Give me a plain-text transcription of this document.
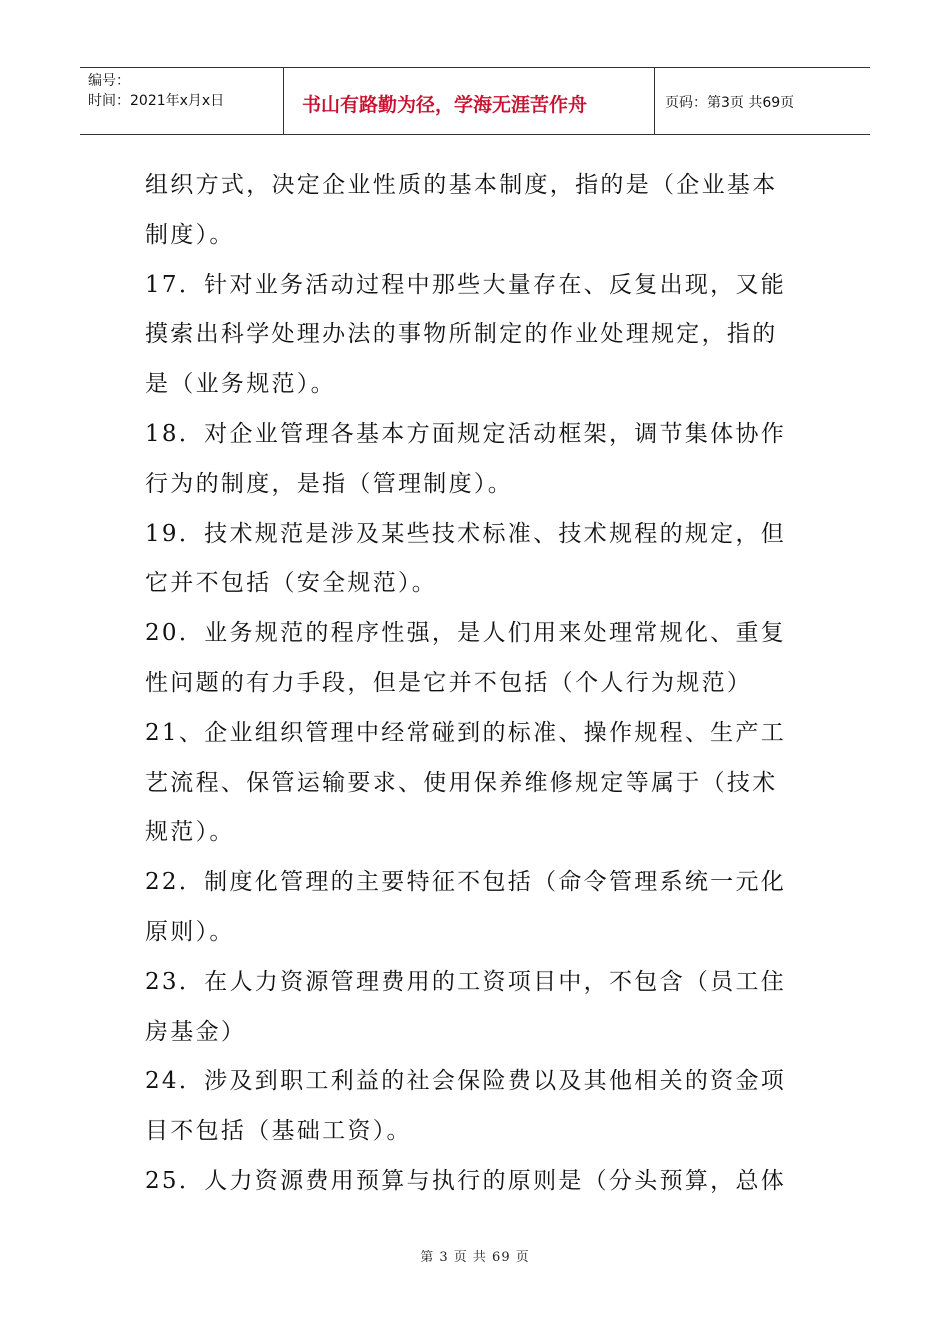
编号：
时间：2021年x月x日	书山有路勤为径，学海无涯苦作舟	页码：第3页 共69页

组织方式，决定企业性质的基本制度，指的是（企业基本

制度）。

17．针对业务活动过程中那些大量存在、反复出现，又能

摸索出科学处理办法的事物所制定的作业处理规定，指的

是（业务规范）。

18．对企业管理各基本方面规定活动框架，调节集体协作

行为的制度，是指（管理制度）。

19．技术规范是涉及某些技术标准、技术规程的规定，但

它并不包括（安全规范）。

20．业务规范的程序性强，是人们用来处理常规化、重复

性问题的有力手段，但是它并不包括（个人行为规范）

21、企业组织管理中经常碰到的标准、操作规程、生产工

艺流程、保管运输要求、使用保养维修规定等属于（技术

规范）。

22．制度化管理的主要特征不包括（命令管理系统一元化

原则）。

23．在人力资源管理费用的工资项目中，不包含（员工住

房基金）

24．涉及到职工利益的社会保险费以及其他相关的资金项

目不包括（基础工资）。

25．人力资源费用预算与执行的原则是（分头预算，总体

第 3 页 共 69 页
